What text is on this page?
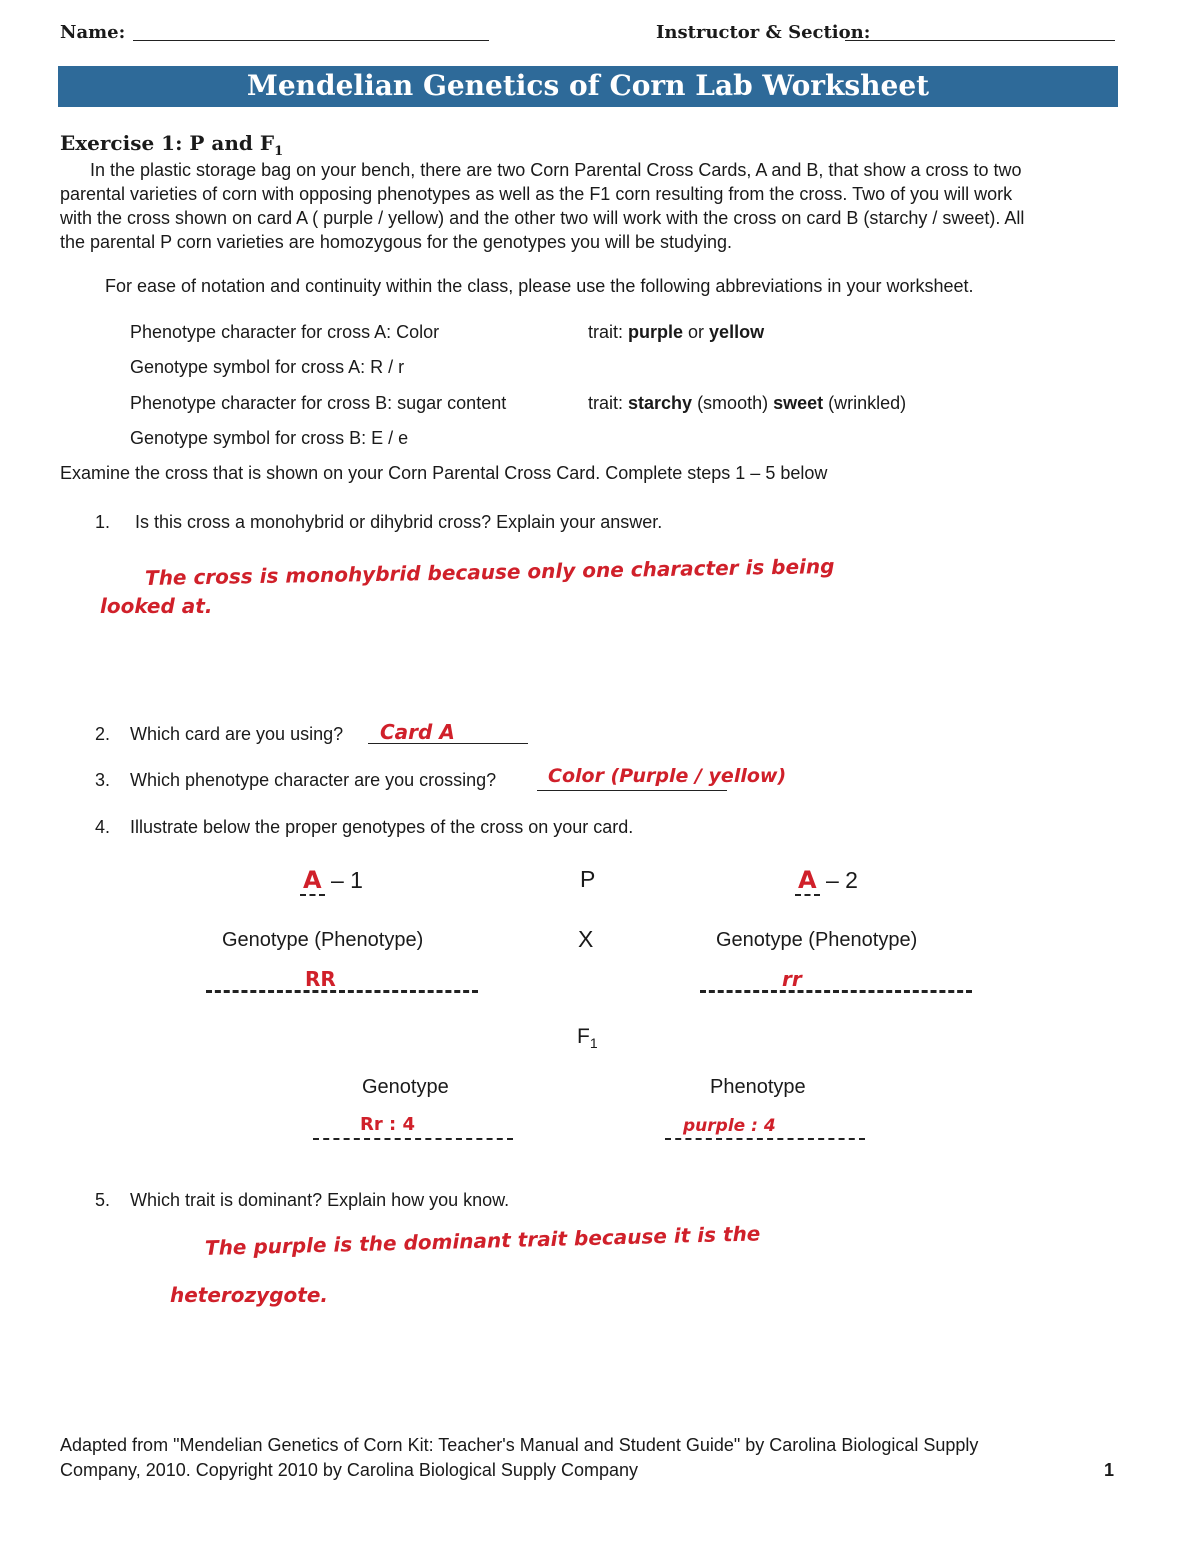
Name:	Instructor & Section:
Mendelian Genetics of Corn Lab Worksheet
Exercise 1: P and $F_1$
In the plastic storage bag on your bench, there are two Corn Parental Cross Cards, A and B, that show a cross to two
parental varieties of corn with opposing phenotypes as well as the F1 corn resulting from the cross. Two of you will work
with the cross shown on card A ( purple / yellow) and the other two will work with the cross on card B (starchy / sweet). All
the parental P corn varieties are homozygous for the genotypes you will be studying.
For ease of notation and continuity within the class, please use the following abbreviations in your worksheet.
Phenotype character for cross A: Color	trait: purple or yellow
Genotype symbol for cross A: R / r
Phenotype character for cross B: sugar content	trait: starchy (smooth) sweet (wrinkled)
Genotype symbol for cross B: E / e
Examine the cross that is shown on your Corn Parental Cross Card. Complete steps 1 – 5 below
1. Is this cross a monohybrid or dihybrid cross? Explain your answer.
The cross is monohybrid because only one character is being
looked at.
2. Which card are you using? Card A
3. Which phenotype character are you crossing?	Color (Purple / yellow)
4. Illustrate below the proper genotypes of the cross on your card.
A – 1	P	A – 2
Genotype (Phenotype)	X	Genotype (Phenotype)
RR	rr
$F_1$
Genotype	Phenotype
Rr : 4	purple : 4
5. Which trait is dominant? Explain how you know.
The purple is the dominant trait because it is the
heterozygote.
Adapted from "Mendelian Genetics of Corn Kit: Teacher's Manual and Student Guide" by Carolina Biological Supply
Company, 2010. Copyright 2010 by Carolina Biological Supply Company	1
